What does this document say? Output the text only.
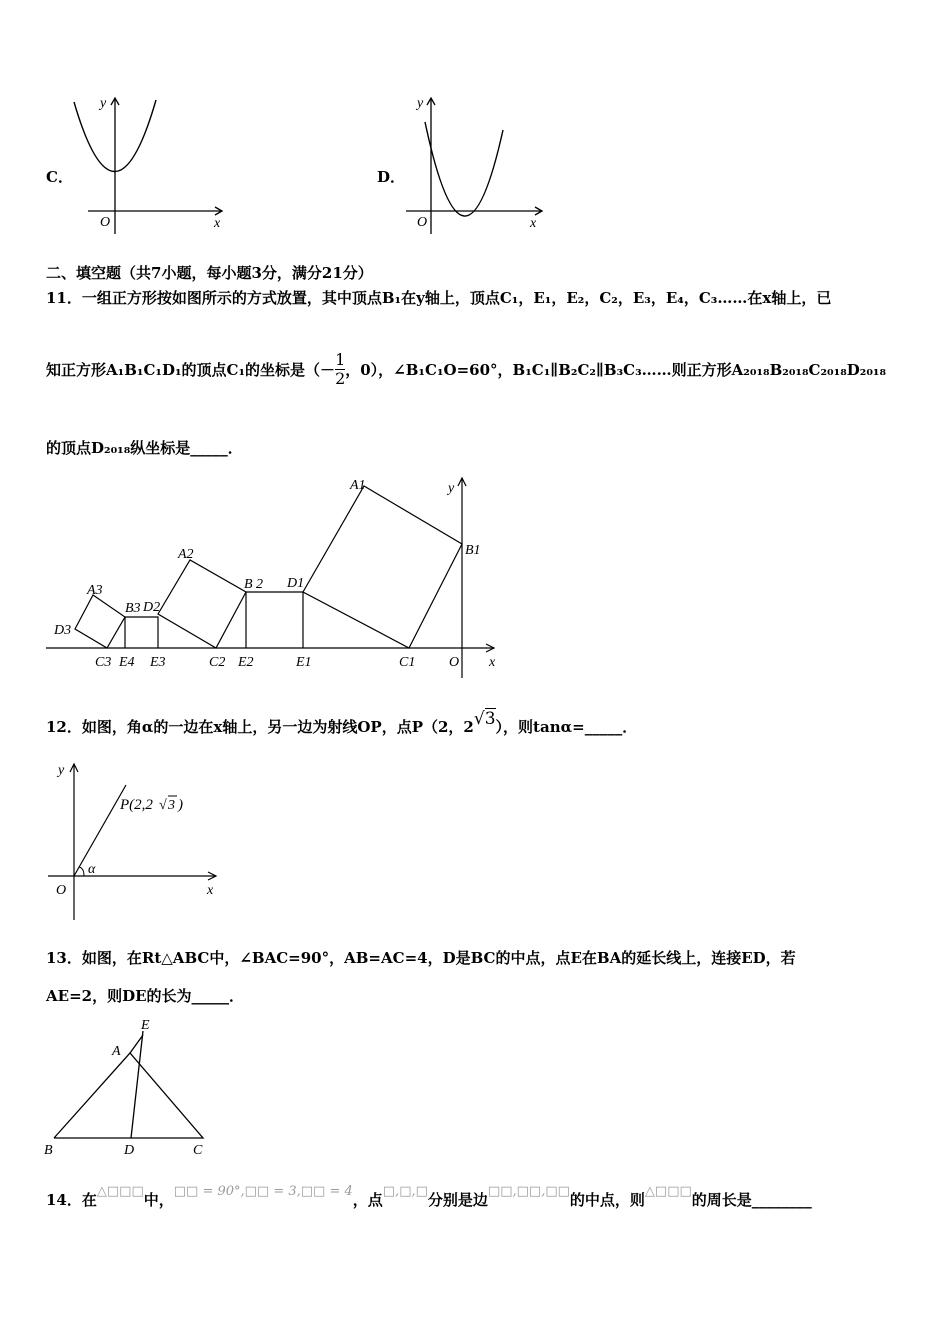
C．
y
x
O
D．
y
x
O
二、填空题（共7小题，每小题3分，满分21分）
11．一组正方形按如图所示的方式放置，其中顶点B₁在y轴上，顶点C₁，E₁，E₂，C₂，E₃，E₄，C₃……在x轴上，已
知正方形A₁B₁C₁D₁的顶点C₁的坐标是（－ $\frac{1}{2}$ ，0），∠B₁C₁O=60°，B₁C₁∥B₂C₂∥B₃C₃……则正方形A₂₀₁₈B₂₀₁₈C₂₀₁₈D₂₀₁₈
的顶点D₂₀₁₈纵坐标是_____．
A1
B1
C1
D1
E1
A2
B 2
C2
D2
E2
A3
B3
C3
D3
E3
E4	O x
y
12．如图，角α的一边在x轴上，另一边为射线OP，点P（2，2 √3 ），则tanα=_____．
y
x
O
α
P(2,2 √ 3 )
13．如图，在Rt△ABC中，∠BAC=90°，AB=AC=4，D是BC的中点，点E在BA的延长线上，连接ED，若
AE=2，则DE的长为_____．
E
A
B	D	C
14．在 △□□□ 中， □□ = 90°,□□ = 3,□□ = 4 ，点 □,□,□ 分别是边 □□,□□,□□ 的中点，则 △□□□ 的周长是________
